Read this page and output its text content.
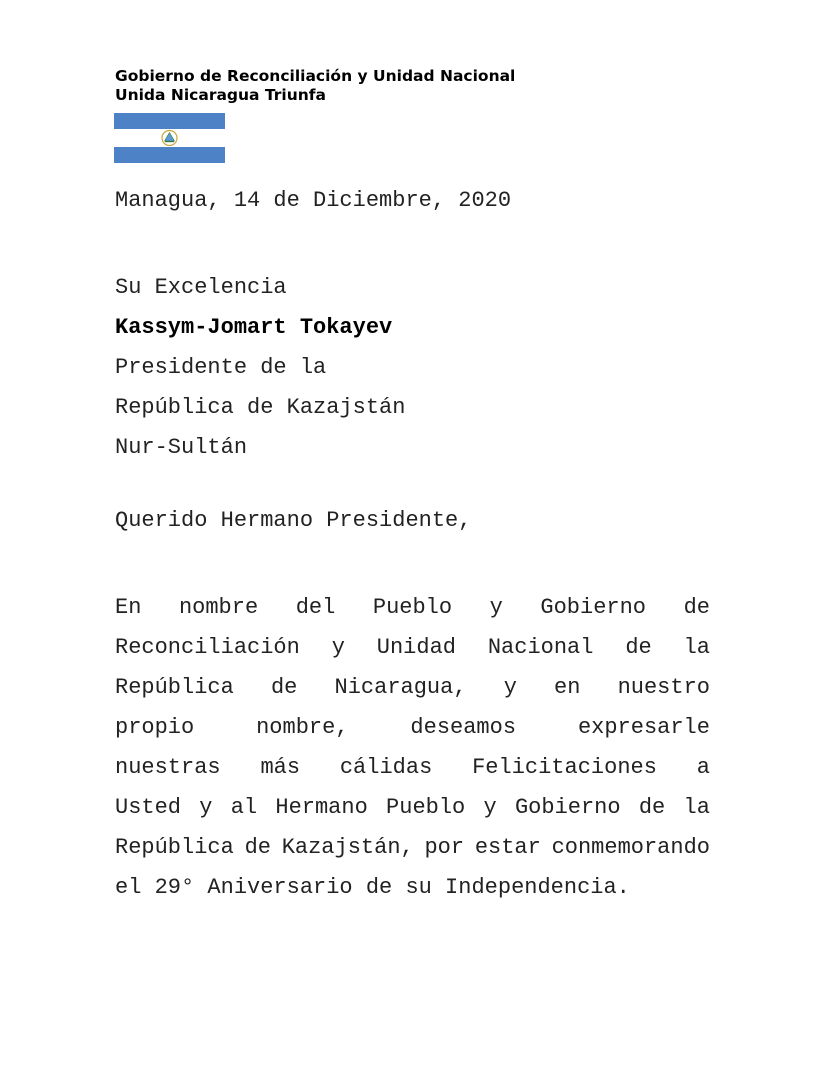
Gobierno de Reconciliación y Unidad Nacional
Unida Nicaragua Triunfa
Managua, 14 de Diciembre, 2020
Su Excelencia
Kassym-Jomart Tokayev
Presidente de la
República de Kazajstán
Nur-Sultán
Querido Hermano Presidente,
En nombre del Pueblo y Gobierno de
Reconciliación y Unidad Nacional de la
República de Nicaragua, y en nuestro
propio	nombre,	deseamos	expresarle
nuestras más cálidas Felicitaciones a
Usted y al Hermano Pueblo y Gobierno de la
República de Kazajstán, por estar conmemorando
el 29° Aniversario de su Independencia.
